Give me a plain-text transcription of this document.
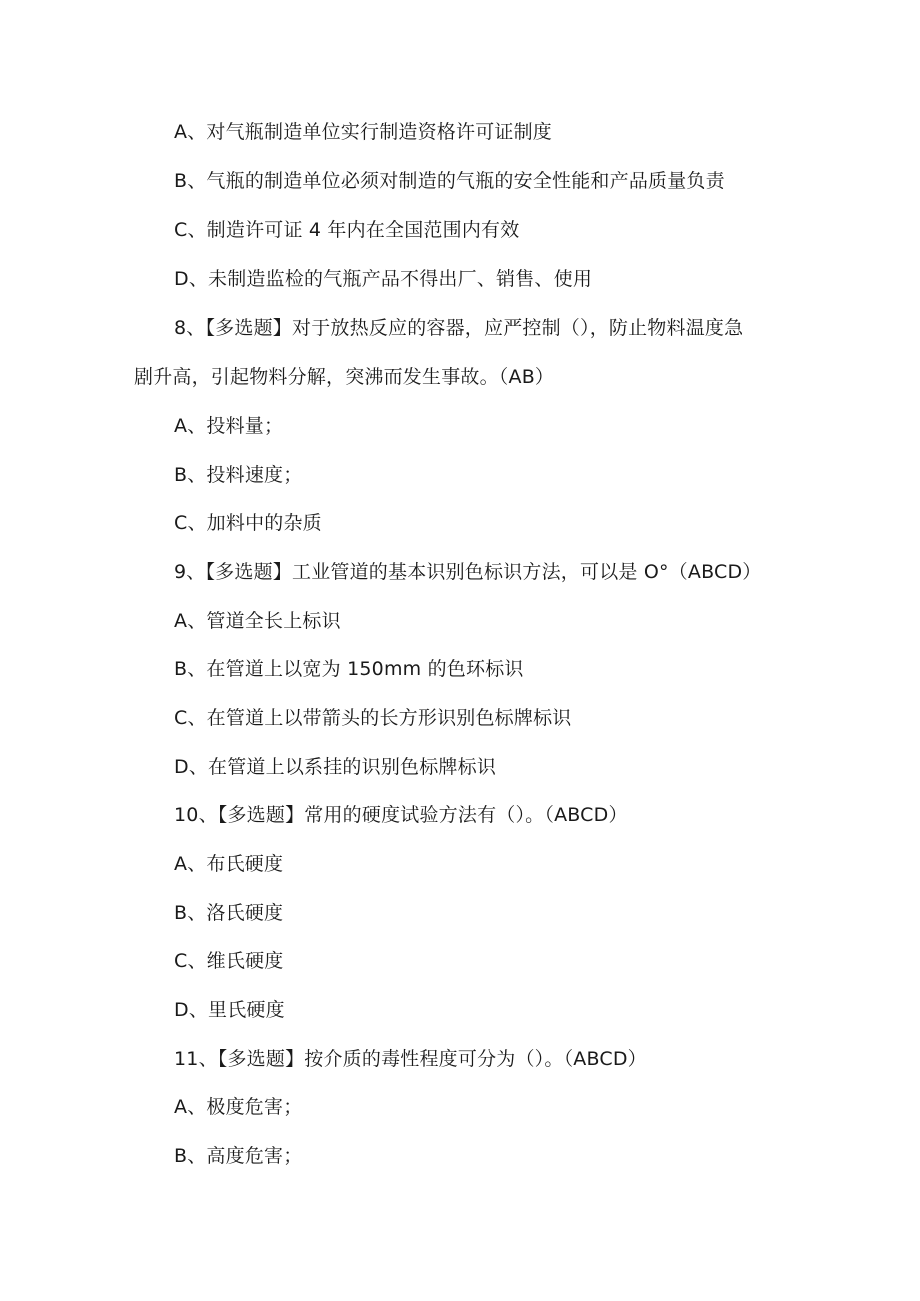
A、对气瓶制造单位实行制造资格许可证制度
B、气瓶的制造单位必须对制造的气瓶的安全性能和产品质量负责
C、制造许可证 4 年内在全国范围内有效
D、未制造监检的气瓶产品不得出厂、销售、使用
8、【多选题】对于放热反应的容器，应严控制（），防止物料温度急
剧升高，引起物料分解，突沸而发生事故。（AB）
A、投料量；
B、投料速度；
C、加料中的杂质
9、【多选题】工业管道的基本识别色标识方法，可以是 O°（ABCD）
A、管道全长上标识
B、在管道上以宽为 150mm 的色环标识
C、在管道上以带箭头的长方形识别色标牌标识
D、在管道上以系挂的识别色标牌标识
10、【多选题】常用的硬度试验方法有（）。（ABCD）
A、布氏硬度
B、洛氏硬度
C、维氏硬度
D、里氏硬度
11、【多选题】按介质的毒性程度可分为（）。（ABCD）
A、极度危害；
B、高度危害；
